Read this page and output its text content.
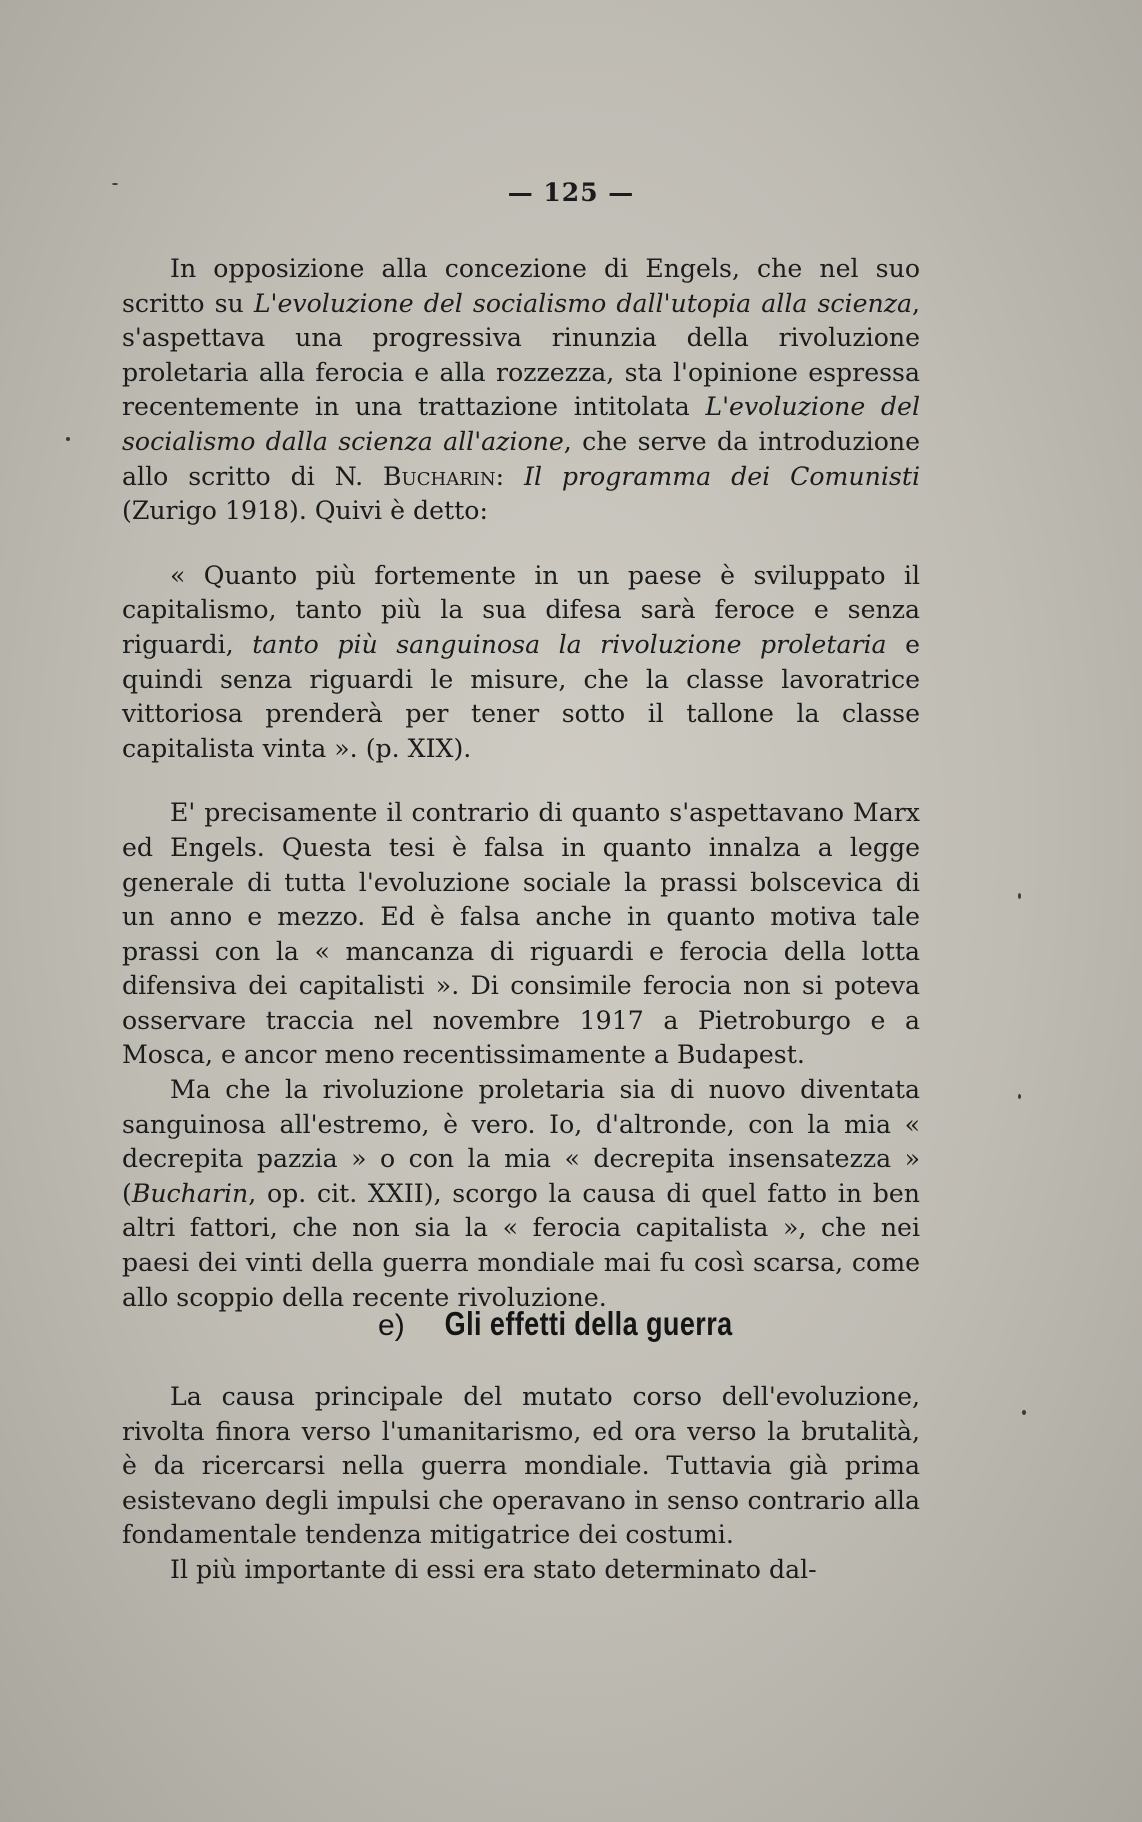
— 125 —

In opposizione alla concezione di Engels, che nel suo scritto su L'evoluzione del socialismo dall'utopia alla scienza, s'aspettava una progressiva rinunzia della rivoluzione proletaria alla ferocia e alla rozzezza, sta l'opinione espressa recentemente in una trattazione intitolata L'evoluzione del socialismo dalla scienza all'azione, che serve da introduzione allo scritto di N. Bucharin: Il programma dei Comunisti (Zurigo 1918). Quivi è detto:

« Quanto più fortemente in un paese è sviluppato il capitalismo, tanto più la sua difesa sarà feroce e senza riguardi, tanto più sanguinosa la rivoluzione proletaria e quindi senza riguardi le misure, che la classe lavoratrice vittoriosa prenderà per tener sotto il tallone la classe capitalista vinta ». (p. XIX).

E' precisamente il contrario di quanto s'aspettavano Marx ed Engels. Questa tesi è falsa in quanto innalza a legge generale di tutta l'evoluzione sociale la prassi bolscevica di un anno e mezzo. Ed è falsa anche in quanto motiva tale prassi con la « mancanza di riguardi e ferocia della lotta difensiva dei capitalisti ». Di consimile ferocia non si poteva osservare traccia nel novembre 1917 a Pietroburgo e a Mosca, e ancor meno recentissimamente a Budapest.

Ma che la rivoluzione proletaria sia di nuovo diventata sanguinosa all'estremo, è vero. Io, d'altronde, con la mia « decrepita pazzia » o con la mia « decrepita insensatezza » (Bucharin, op. cit. XXII), scorgo la causa di quel fatto in ben altri fattori, che non sia la « ferocia capitalista », che nei paesi dei vinti della guerra mondiale mai fu così scarsa, come allo scoppio della recente rivoluzione.

e) Gli effetti della guerra

La causa principale del mutato corso dell'evoluzione, rivolta finora verso l'umanitarismo, ed ora verso la brutalità, è da ricercarsi nella guerra mondiale. Tuttavia già prima esistevano degli impulsi che operavano in senso contrario alla fondamentale tendenza mitigatrice dei costumi.

Il più importante di essi era stato determinato dal-
